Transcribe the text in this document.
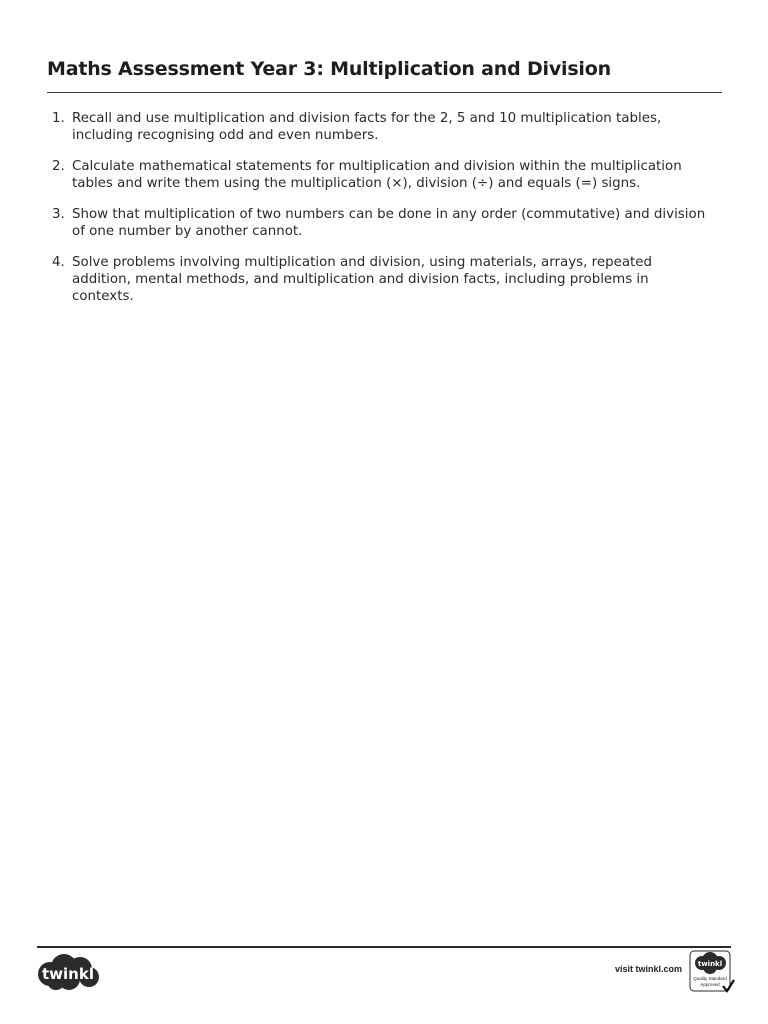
Maths Assessment Year 3: Multiplication and Division
1. Recall and use multiplication and division facts for the 2, 5 and 10 multiplication tables, including recognising odd and even numbers.
2. Calculate mathematical statements for multiplication and division within the multiplication tables and write them using the multiplication (×), division (÷) and equals (=) signs.
3. Show that multiplication of two numbers can be done in any order (commutative) and division of one number by another cannot.
4. Solve problems involving multiplication and division, using materials, arrays, repeated addition, mental methods, and multiplication and division facts, including problems in contexts.
twinkl	visit twinkl.com twinkl
Quality Standard
Approved
